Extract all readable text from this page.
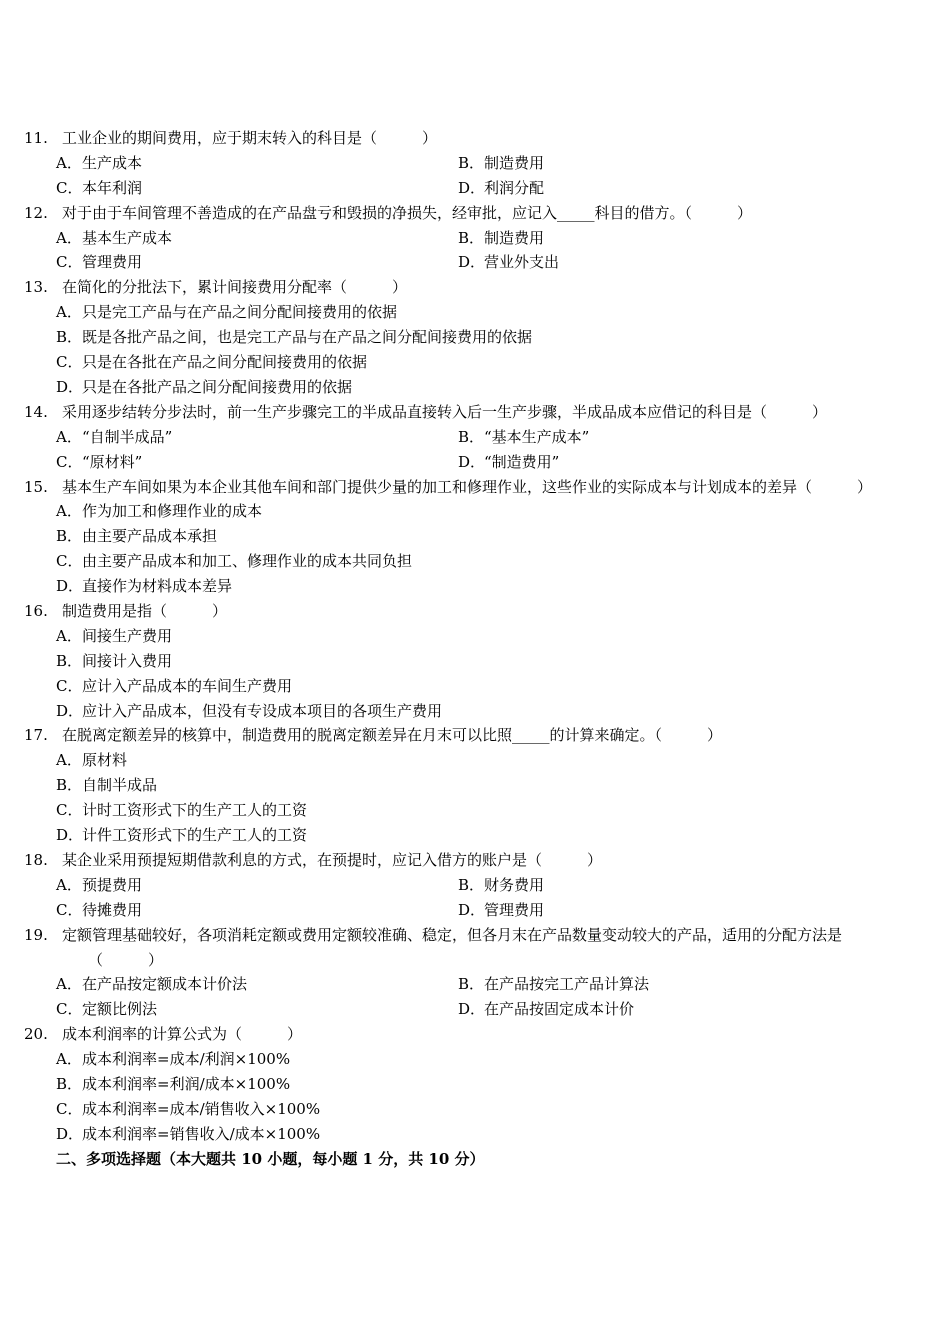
11. 工业企业的期间费用，应于期末转入的科目是（　　　）
A．生产成本	B．制造费用
C．本年利润	D．利润分配
12. 对于由于车间管理不善造成的在产品盘亏和毁损的净损失，经审批，应记入_____科目的借方。（　　　）
A．基本生产成本	B．制造费用
C．管理费用	D．营业外支出
13. 在简化的分批法下，累计间接费用分配率（　　　）
A．只是完工产品与在产品之间分配间接费用的依据
B．既是各批产品之间，也是完工产品与在产品之间分配间接费用的依据
C．只是在各批在产品之间分配间接费用的依据
D．只是在各批产品之间分配间接费用的依据
14. 采用逐步结转分步法时，前一生产步骤完工的半成品直接转入后一生产步骤，半成品成本应借记的科目是（　　　）
A．“自制半成品”	B．“基本生产成本”
C．“原材料”	D．“制造费用”
15. 基本生产车间如果为本企业其他车间和部门提供少量的加工和修理作业，这些作业的实际成本与计划成本的差异（　　　）
A．作为加工和修理作业的成本
B．由主要产品成本承担
C．由主要产品成本和加工、修理作业的成本共同负担
D．直接作为材料成本差异
16. 制造费用是指（　　　）
A．间接生产费用
B．间接计入费用
C．应计入产品成本的车间生产费用
D．应计入产品成本，但没有专设成本项目的各项生产费用
17. 在脱离定额差异的核算中，制造费用的脱离定额差异在月末可以比照_____的计算来确定。（　　　）
A．原材料
B．自制半成品
C．计时工资形式下的生产工人的工资
D．计件工资形式下的生产工人的工资
18. 某企业采用预提短期借款利息的方式，在预提时，应记入借方的账户是（　　　）
A．预提费用	B．财务费用
C．待摊费用	D．管理费用
19. 定额管理基础较好，各项消耗定额或费用定额较准确、稳定，但各月末在产品数量变动较大的产品，适用的分配方法是（　　　）
A．在产品按定额成本计价法	B．在产品按完工产品计算法
C．定额比例法	D．在产品按固定成本计价
20. 成本利润率的计算公式为（　　　）
A．成本利润率=成本/利润×100%
B．成本利润率=利润/成本×100%
C．成本利润率=成本/销售收入×100%
D．成本利润率=销售收入/成本×100%
二、多项选择题（本大题共 10 小题，每小题 1 分，共 10 分）
